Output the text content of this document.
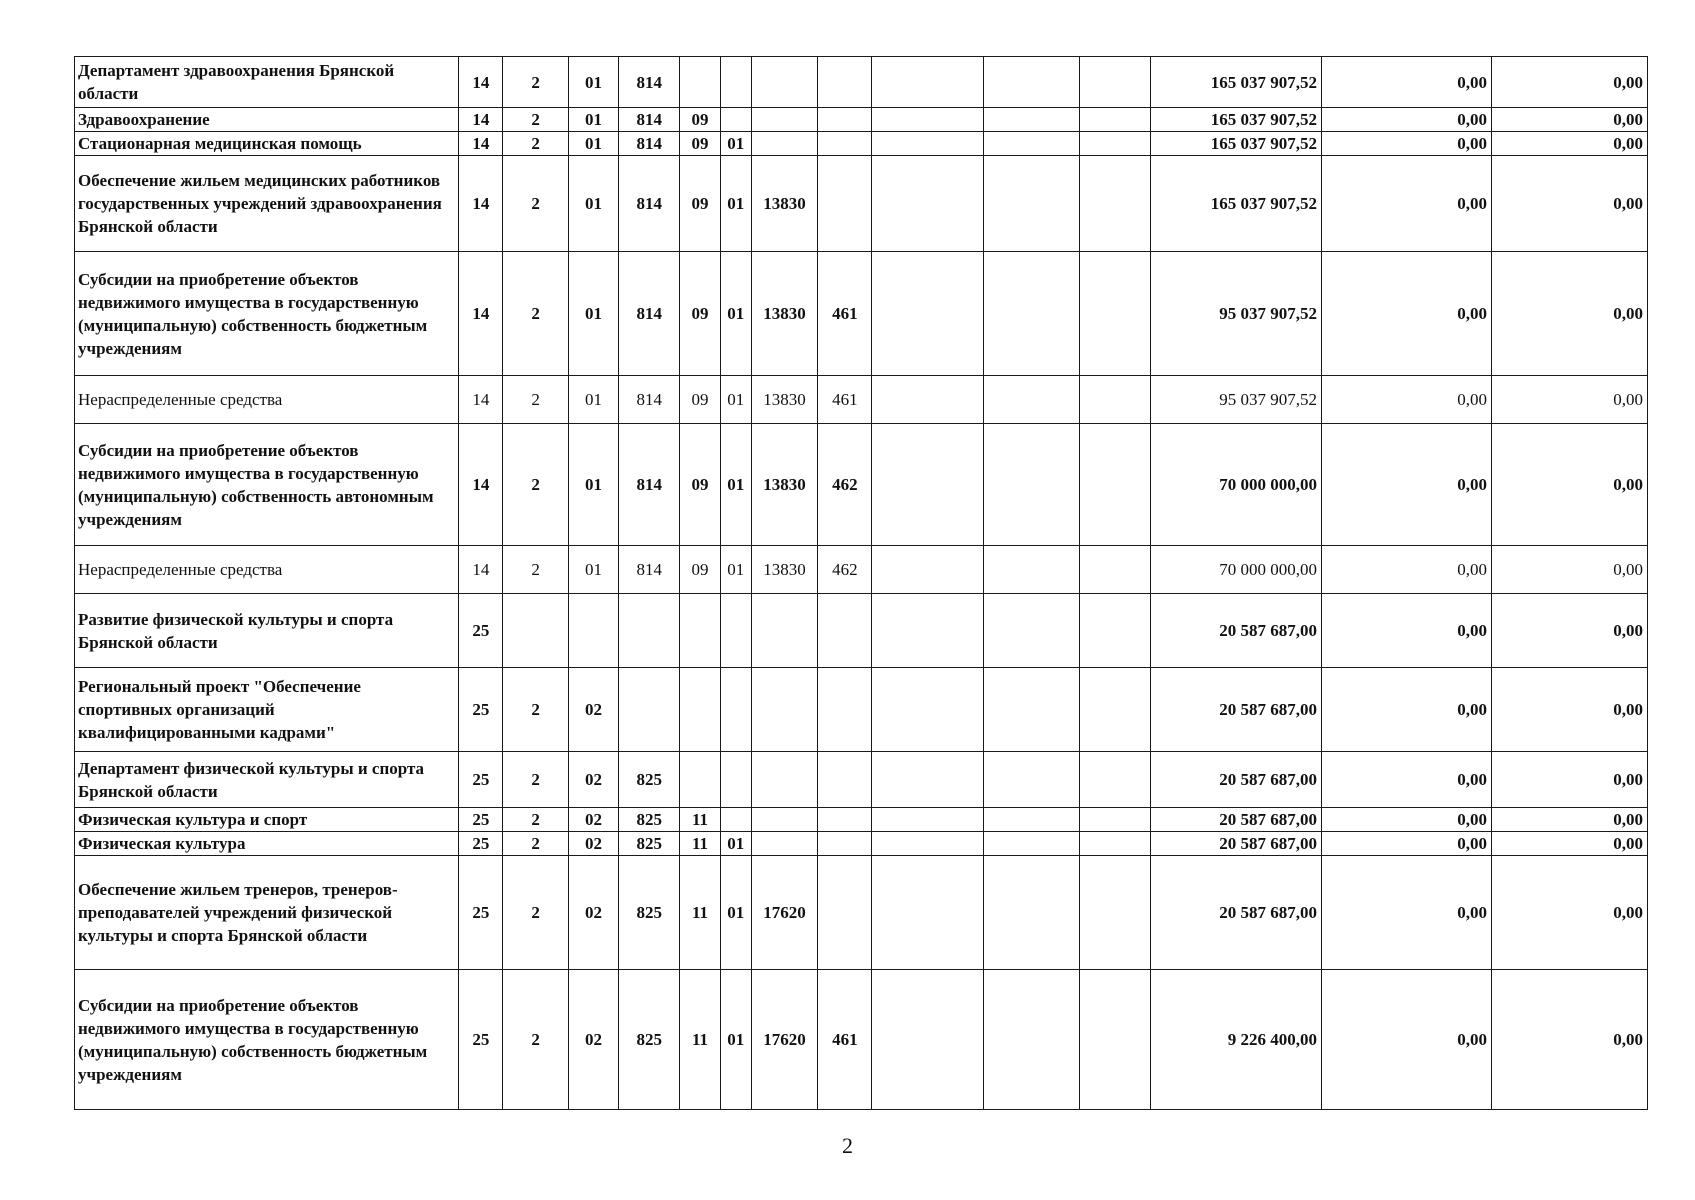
Департамент здравоохранения Брянской области	14	2	01	814								165 037 907,52	0,00	0,00
Здравоохранение	14	2	01	814	09							165 037 907,52	0,00	0,00
Стационарная медицинская помощь	14	2	01	814	09	01						165 037 907,52	0,00	0,00
Обеспечение жильем медицинских работников государственных учреждений здравоохранения Брянской области	14	2	01	814	09	01	13830					165 037 907,52	0,00	0,00
Субсидии на приобретение объектов недвижимого имущества в государственную (муниципальную) собственность бюджетным учреждениям	14	2	01	814	09	01	13830	461				95 037 907,52	0,00	0,00
Нераспределенные средства	14	2	01	814	09	01	13830	461				95 037 907,52	0,00	0,00
Субсидии на приобретение объектов недвижимого имущества в государственную (муниципальную) собственность автономным учреждениям	14	2	01	814	09	01	13830	462				70 000 000,00	0,00	0,00
Нераспределенные средства	14	2	01	814	09	01	13830	462				70 000 000,00	0,00	0,00
Развитие физической культуры и спорта Брянской области	25											20 587 687,00	0,00	0,00
Региональный проект "Обеспечение спортивных организаций квалифицированными кадрами"	25	2	02									20 587 687,00	0,00	0,00
Департамент физической культуры и спорта Брянской области	25	2	02	825								20 587 687,00	0,00	0,00
Физическая культура и спорт	25	2	02	825	11							20 587 687,00	0,00	0,00
Физическая культура	25	2	02	825	11	01						20 587 687,00	0,00	0,00
Обеспечение жильем тренеров, тренеров-преподавателей учреждений физической культуры и спорта Брянской области	25	2	02	825	11	01	17620					20 587 687,00	0,00	0,00
Субсидии на приобретение объектов недвижимого имущества в государственную (муниципальную) собственность бюджетным учреждениям	25	2	02	825	11	01	17620	461				9 226 400,00	0,00	0,00
2
